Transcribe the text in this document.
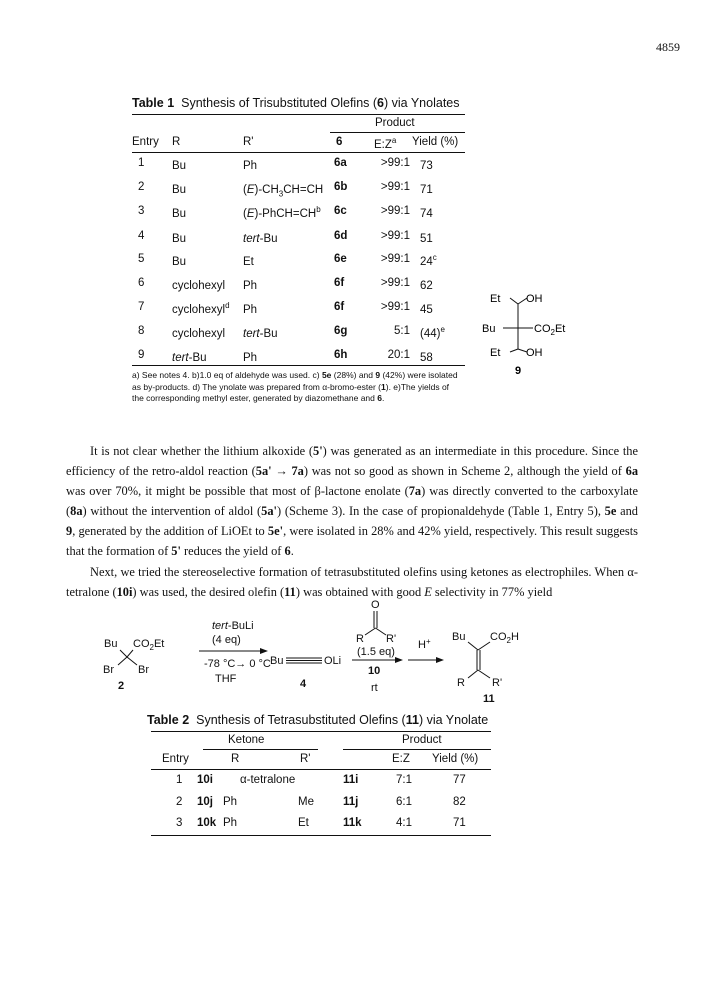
4859
Table 1 Synthesis of Trisubstituted Olefins (6) via Ynolates
Product
Entry R	R'	6	$E:Z^a$ Yield (%)
1 Bu	Ph	6a	>99:1 73
2 Bu	$(E)-CH_3CH=CH$ 6b	>99:1 71
3 Bu	$(E)-PhCH=CH^b$ 6c	>99:1 74
4 Bu	tert-Bu	6d	>99:1 51
5 Bu	Et	6e	>99:1 24$^c$
6 cyclohexyl Ph	6f	>99:1 62
7 cyclohexyl$^d$ Ph	6f	>99:1 45
8 cyclohexyl tert-Bu	6g	5:1 $(44)^e$
9 tert-Bu	Ph	6h	20:1 58
a) See notes 4. b)1.0 eq of aldehyde was used. c) 5e (28%) and 9 (42%) were isolated as by-products. d) The ynolate was prepared from α-bromo-ester (1). e)The yields of the corresponding methyl ester, generated by diazomethane and 6.
Et OH
Bu	$CO_2Et$
Et OH
9
It is not clear whether the lithium alkoxide (5') was generated as an intermediate in this procedure. Since the efficiency of the retro-aldol reaction (5a' → 7a) was not so good as shown in Scheme 2, although the yield of 6a was over 70%, it might be possible that most of β-lactone enolate (7a) was directly converted to the carboxylate (8a) without the intervention of aldol (5a') (Scheme 3). In the case of propionaldehyde (Table 1, Entry 5), 5e and 9, generated by the addition of LiOEt to 5e', were isolated in 28% and 42% yield, respectively. This result suggests that the formation of 5' reduces the yield of 6.
Next, we tried the stereoselective formation of tetrasubstituted olefins using ketones as electrophiles. When α-tetralone (10i) was used, the desired olefin (11) was obtained with good E selectivity in 77% yield
Bu $CO_2Et$
Br Br
2
tert-BuLi
(4 eq)
-78 °C→ 0 °C
THF
Bu	OLi
4
O
R R'
(1.5 eq)
10
rt
H+ Bu $CO_2H$
R R'
11
Table 2 Synthesis of Tetrasubstituted Olefins (11) via Ynolate
Ketone	Product
Entry	R	R'	E:Z Yield (%)
1 10i α-tetralone	11i	7:1	77
2 10j Ph	Me	11j	6:1	82
3 10k Ph	Et	11k	4:1	71
